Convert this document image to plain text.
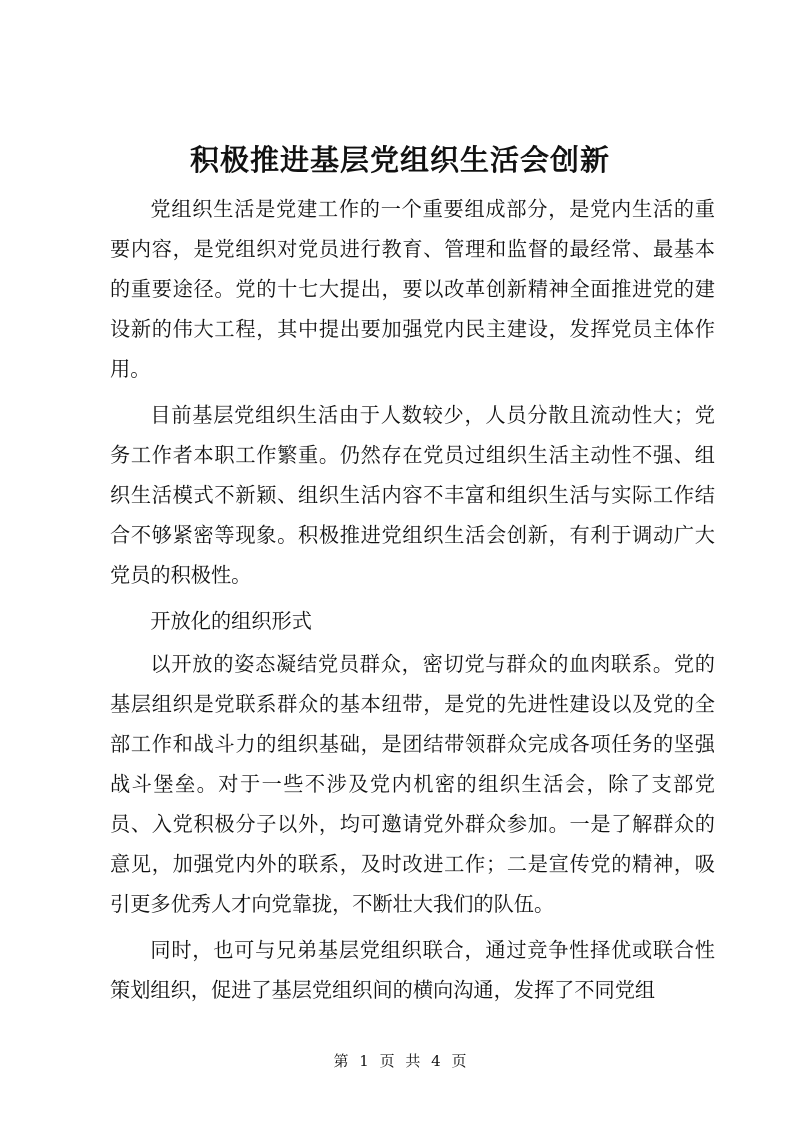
积极推进基层党组织生活会创新

党组织生活是党建工作的一个重要组成部分，是党内生活的重要内容，是党组织对党员进行教育、管理和监督的最经常、最基本的重要途径。党的十七大提出，要以改革创新精神全面推进党的建设新的伟大工程，其中提出要加强党内民主建设，发挥党员主体作用。

目前基层党组织生活由于人数较少，人员分散且流动性大；党务工作者本职工作繁重。仍然存在党员过组织生活主动性不强、组织生活模式不新颖、组织生活内容不丰富和组织生活与实际工作结合不够紧密等现象。积极推进党组织生活会创新，有利于调动广大党员的积极性。

开放化的组织形式

以开放的姿态凝结党员群众，密切党与群众的血肉联系。党的基层组织是党联系群众的基本纽带，是党的先进性建设以及党的全部工作和战斗力的组织基础，是团结带领群众完成各项任务的坚强战斗堡垒。对于一些不涉及党内机密的组织生活会，除了支部党员、入党积极分子以外，均可邀请党外群众参加。一是了解群众的意见，加强党内外的联系，及时改进工作；二是宣传党的精神，吸引更多优秀人才向党靠拢，不断壮大我们的队伍。

同时，也可与兄弟基层党组织联合，通过竞争性择优或联合性策划组织，促进了基层党组织间的横向沟通，发挥了不同党组

第 1 页 共 4 页
